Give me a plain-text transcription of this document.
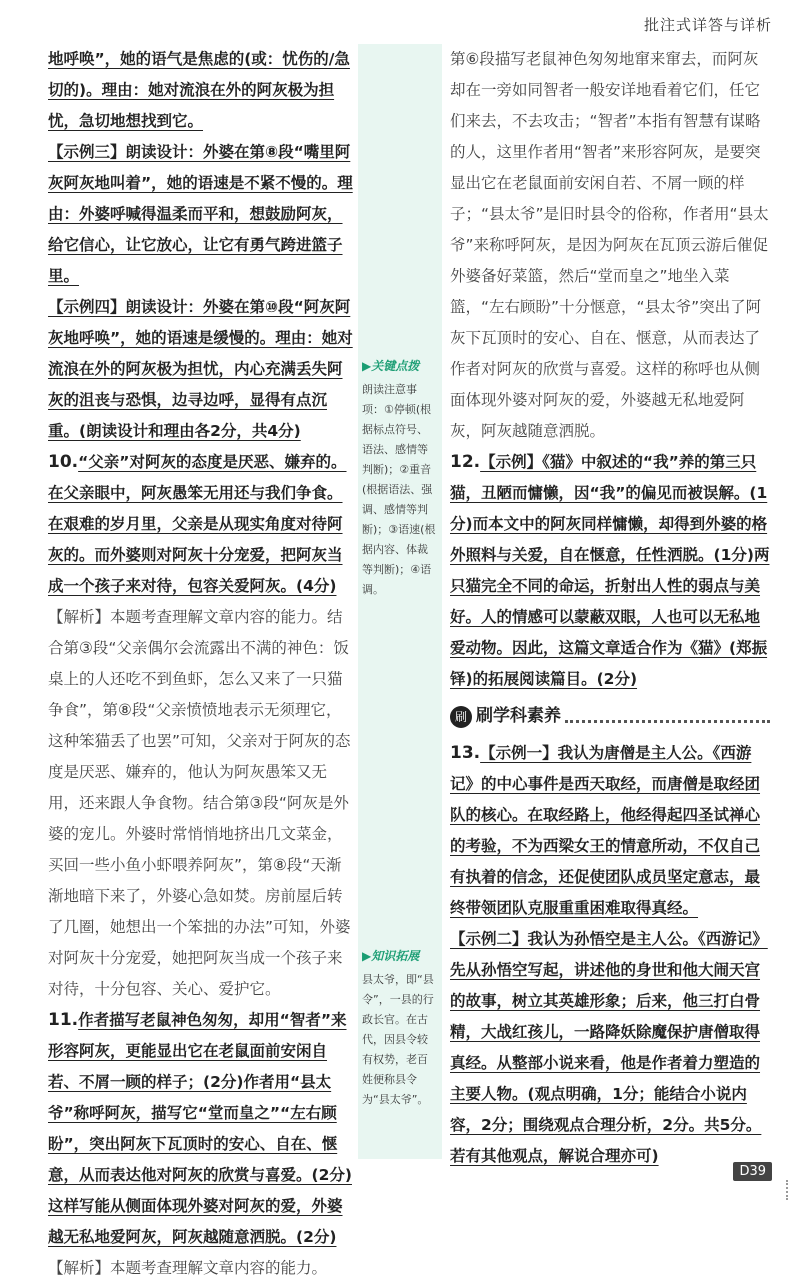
批注式详答与详析

地呼唤”，她的语气是焦虑的(或：忧伤的/急切的)。理由：她对流浪在外的阿灰极为担忧，急切地想找到它。

【示例三】朗读设计：外婆在第⑧段“嘴里阿灰阿灰地叫着”，她的语速是不紧不慢的。理由：外婆呼喊得温柔而平和，想鼓励阿灰，给它信心，让它放心，让它有勇气跨进篮子里。

【示例四】朗读设计：外婆在第⑩段“阿灰阿灰地呼唤”，她的语速是缓慢的。理由：她对流浪在外的阿灰极为担忧，内心充满丢失阿灰的沮丧与恐惧，边寻边呼，显得有点沉重。(朗读设计和理由各2分，共4分)

10.“父亲”对阿灰的态度是厌恶、嫌弃的。在父亲眼中，阿灰愚笨无用还与我们争食。在艰难的岁月里，父亲是从现实角度对待阿灰的。而外婆则对阿灰十分宠爱，把阿灰当成一个孩子来对待，包容关爱阿灰。(4分)

【解析】本题考查理解文章内容的能力。结合第③段“父亲偶尔会流露出不满的神色：饭桌上的人还吃不到鱼虾，怎么又来了一只猫争食”，第⑧段“父亲愤愤地表示无须理它，这种笨猫丢了也罢”可知，父亲对于阿灰的态度是厌恶、嫌弃的，他认为阿灰愚笨又无用，还来跟人争食物。结合第③段“阿灰是外婆的宠儿。外婆时常悄悄地挤出几文菜金，买回一些小鱼小虾喂养阿灰”，第⑧段“天渐渐地暗下来了，外婆心急如焚。房前屋后转了几圈，她想出一个笨拙的办法”可知，外婆对阿灰十分宠爱，她把阿灰当成一个孩子来对待，十分包容、关心、爱护它。

11.作者描写老鼠神色匆匆，却用“智者”来形容阿灰，更能显出它在老鼠面前安闲自若、不屑一顾的样子；(2分)作者用“县太爷”称呼阿灰，描写它“堂而皇之”“左右顾盼”，突出阿灰下瓦顶时的安心、自在、惬意，从而表达他对阿灰的欣赏与喜爱。(2分)这样写能从侧面体现外婆对阿灰的爱，外婆越无私地爱阿灰，阿灰越随意洒脱。(2分)

【解析】本题考查理解文章内容的能力。

▶关键点拨
朗读注意事项：①停顿(根据标点符号、语法、感情等判断)；②重音(根据语法、强调、感情等判断)；③语速(根据内容、体裁等判断)；④语调。
▶知识拓展
县太爷，即“县令”，一县的行政长官。在古代，因县令较有权势，老百姓便称县令为“县太爷”。

第⑥段描写老鼠神色匆匆地窜来窜去，而阿灰却在一旁如同智者一般安详地看着它们，任它们来去，不去攻击；“智者”本指有智慧有谋略的人，这里作者用“智者”来形容阿灰，是要突显出它在老鼠面前安闲自若、不屑一顾的样子；“县太爷”是旧时县令的俗称，作者用“县太爷”来称呼阿灰，是因为阿灰在瓦顶云游后催促外婆备好菜篮，然后“堂而皇之”地坐入菜篮，“左右顾盼”十分惬意，“县太爷”突出了阿灰下瓦顶时的安心、自在、惬意，从而表达了作者对阿灰的欣赏与喜爱。这样的称呼也从侧面体现外婆对阿灰的爱，外婆越无私地爱阿灰，阿灰越随意洒脱。

12.【示例】《猫》中叙述的“我”养的第三只猫，丑陋而慵懒，因“我”的偏见而被误解。(1分)而本文中的阿灰同样慵懒，却得到外婆的格外照料与关爱，自在惬意，任性洒脱。(1分)两只猫完全不同的命运，折射出人性的弱点与美好。人的情感可以蒙蔽双眼，人也可以无私地爱动物。因此，这篇文章适合作为《猫》(郑振铎)的拓展阅读篇目。(2分)

刷 刷学科素养

13.【示例一】我认为唐僧是主人公。《西游记》的中心事件是西天取经，而唐僧是取经团队的核心。在取经路上，他经得起四圣试禅心的考验，不为西梁女王的情意所动，不仅自己有执着的信念，还促使团队成员坚定意志，最终带领团队克服重重困难取得真经。

【示例二】我认为孙悟空是主人公。《西游记》先从孙悟空写起，讲述他的身世和他大闹天宫的故事，树立其英雄形象；后来，他三打白骨精，大战红孩儿，一路降妖除魔保护唐僧取得真经。从整部小说来看，他是作者着力塑造的主要人物。(观点明确，1分；能结合小说内容，2分；围绕观点合理分析，2分。共5分。若有其他观点，解说合理亦可)

D39
